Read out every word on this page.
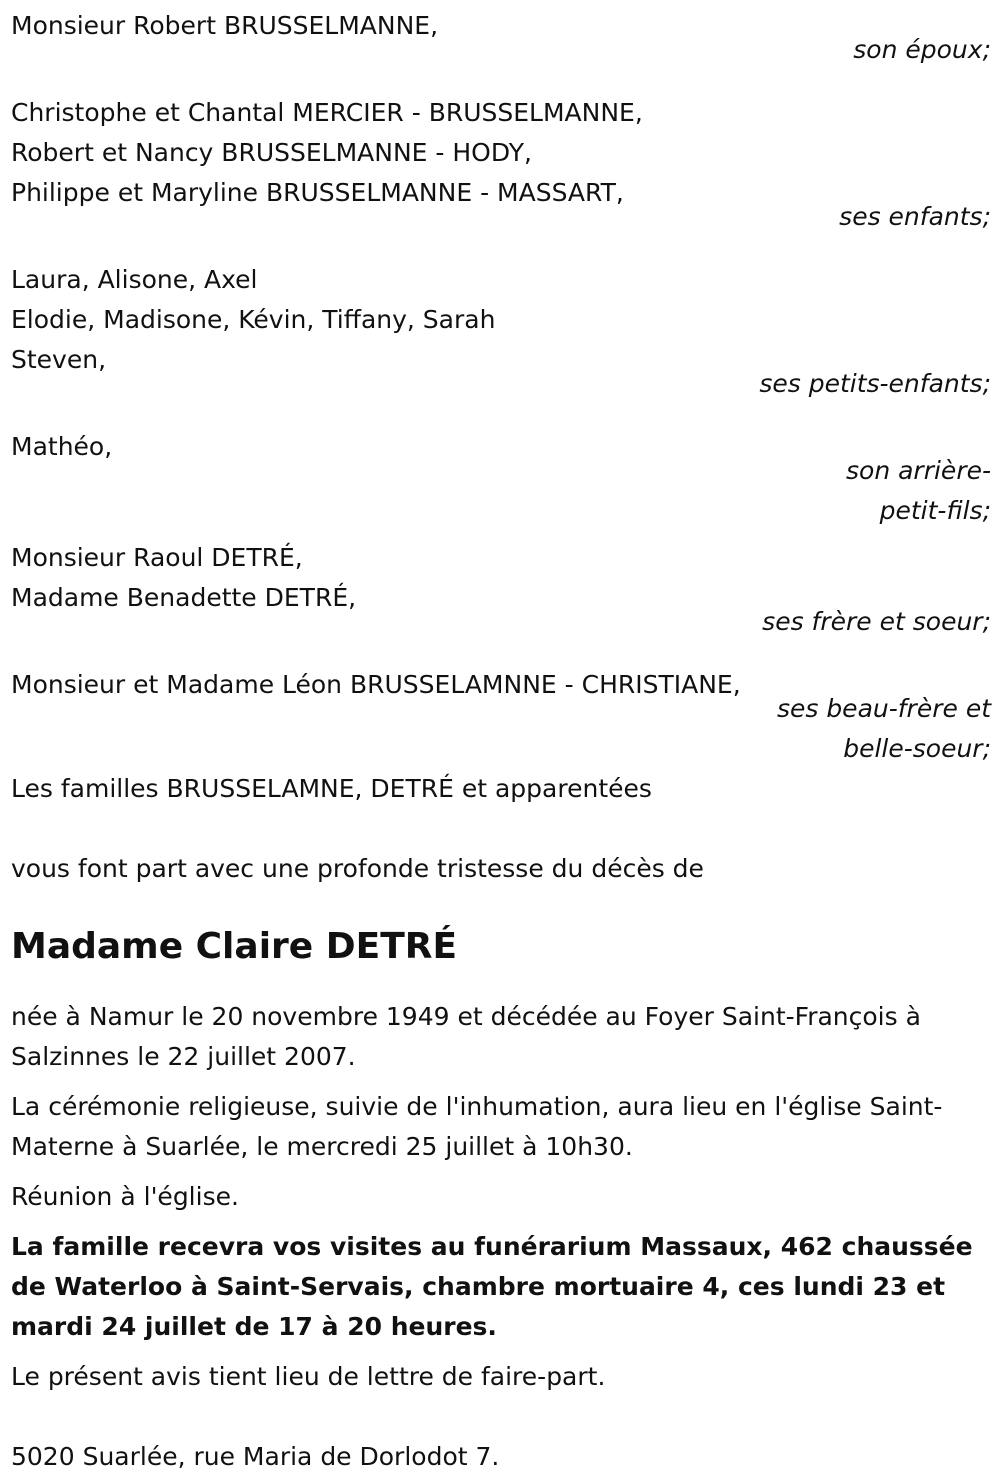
Monsieur Robert BRUSSELMANNE,
son époux;
Christophe et Chantal MERCIER - BRUSSELMANNE,
Robert et Nancy BRUSSELMANNE - HODY,
Philippe et Maryline BRUSSELMANNE - MASSART,
ses enfants;
Laura, Alisone, Axel
Elodie, Madisone, Kévin, Tiffany, Sarah
Steven,
ses petits-enfants;
Mathéo,
son arrière-
petit-fils;
Monsieur Raoul DETRÉ,
Madame Benadette DETRÉ,
ses frère et soeur;
Monsieur et Madame Léon BRUSSELAMNNE - CHRISTIANE,
ses beau-frère et
belle-soeur;
Les familles BRUSSELAMNE, DETRÉ et apparentées
vous font part avec une profonde tristesse du décès de
Madame Claire DETRÉ

née à Namur le 20 novembre 1949 et décédée au Foyer Saint-François à Salzinnes le 22 juillet 2007.

La cérémonie religieuse, suivie de l'inhumation, aura lieu en l'église Saint-Materne à Suarlée, le mercredi 25 juillet à 10h30.

Réunion à l'église.

La famille recevra vos visites au funérarium Massaux, 462 chaussée de Waterloo à Saint-Servais, chambre mortuaire 4, ces lundi 23 et mardi 24 juillet de 17 à 20 heures.

Le présent avis tient lieu de lettre de faire-part.

5020 Suarlée, rue Maria de Dorlodot 7.
